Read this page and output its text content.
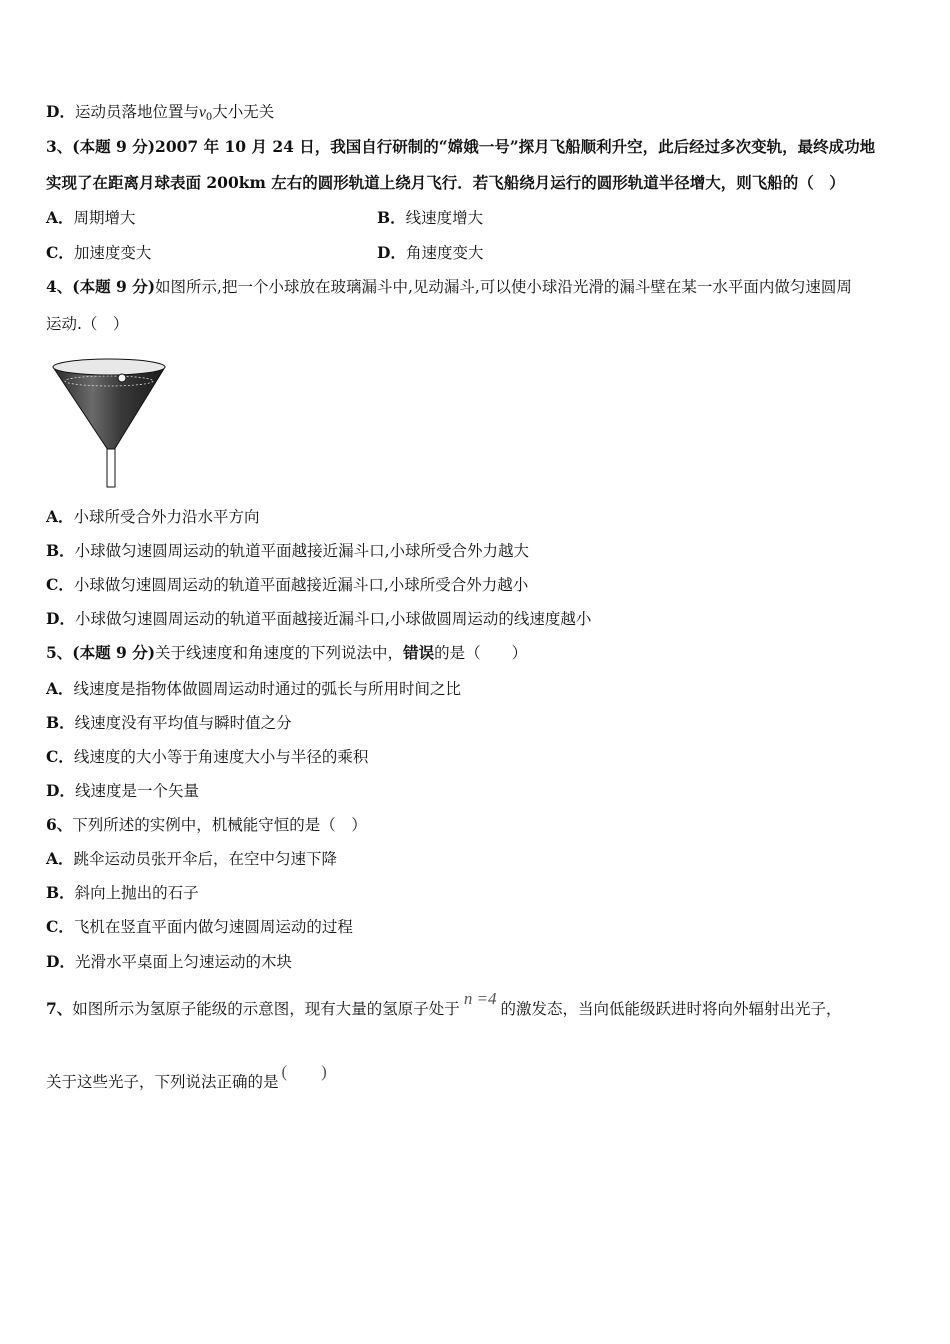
D．运动员落地位置与$v_0$大小无关
3、(本题 9 分)2007 年 10 月 24 日，我国自行研制的“嫦娥一号”探月飞船顺利升空，此后经过多次变轨，最终成功地
实现了在距离月球表面 200km 左右的圆形轨道上绕月飞行．若飞船绕月运行的圆形轨道半径增大，则飞船的（　）
A．周期增大	B．线速度增大
C．加速度变大	D．角速度变大
4、(本题 9 分)如图所示,把一个小球放在玻璃漏斗中,见动漏斗,可以使小球沿光滑的漏斗壁在某一水平面内做匀速圆周
运动.（　）
A．小球所受合外力沿水平方向
B．小球做匀速圆周运动的轨道平面越接近漏斗口,小球所受合外力越大
C．小球做匀速圆周运动的轨道平面越接近漏斗口,小球所受合外力越小
D．小球做匀速圆周运动的轨道平面越接近漏斗口,小球做圆周运动的线速度越小
5、(本题 9 分)关于线速度和角速度的下列说法中，错误的是（　　）
A．线速度是指物体做圆周运动时通过的弧长与所用时间之比
B．线速度没有平均值与瞬时值之分
C．线速度的大小等于角速度大小与半径的乘积
D．线速度是一个矢量
6、下列所述的实例中，机械能守恒的是（　）
A．跳伞运动员张开伞后，在空中匀速下降
B．斜向上抛出的石子
C．飞机在竖直平面内做匀速圆周运动的过程
D．光滑水平桌面上匀速运动的木块
7、如图所示为氢原子能级的示意图，现有大量的氢原子处于n =4的激发态，当向低能级跃进时将向外辐射出光子，
关于这些光子，下列说法正确的是(　　)
